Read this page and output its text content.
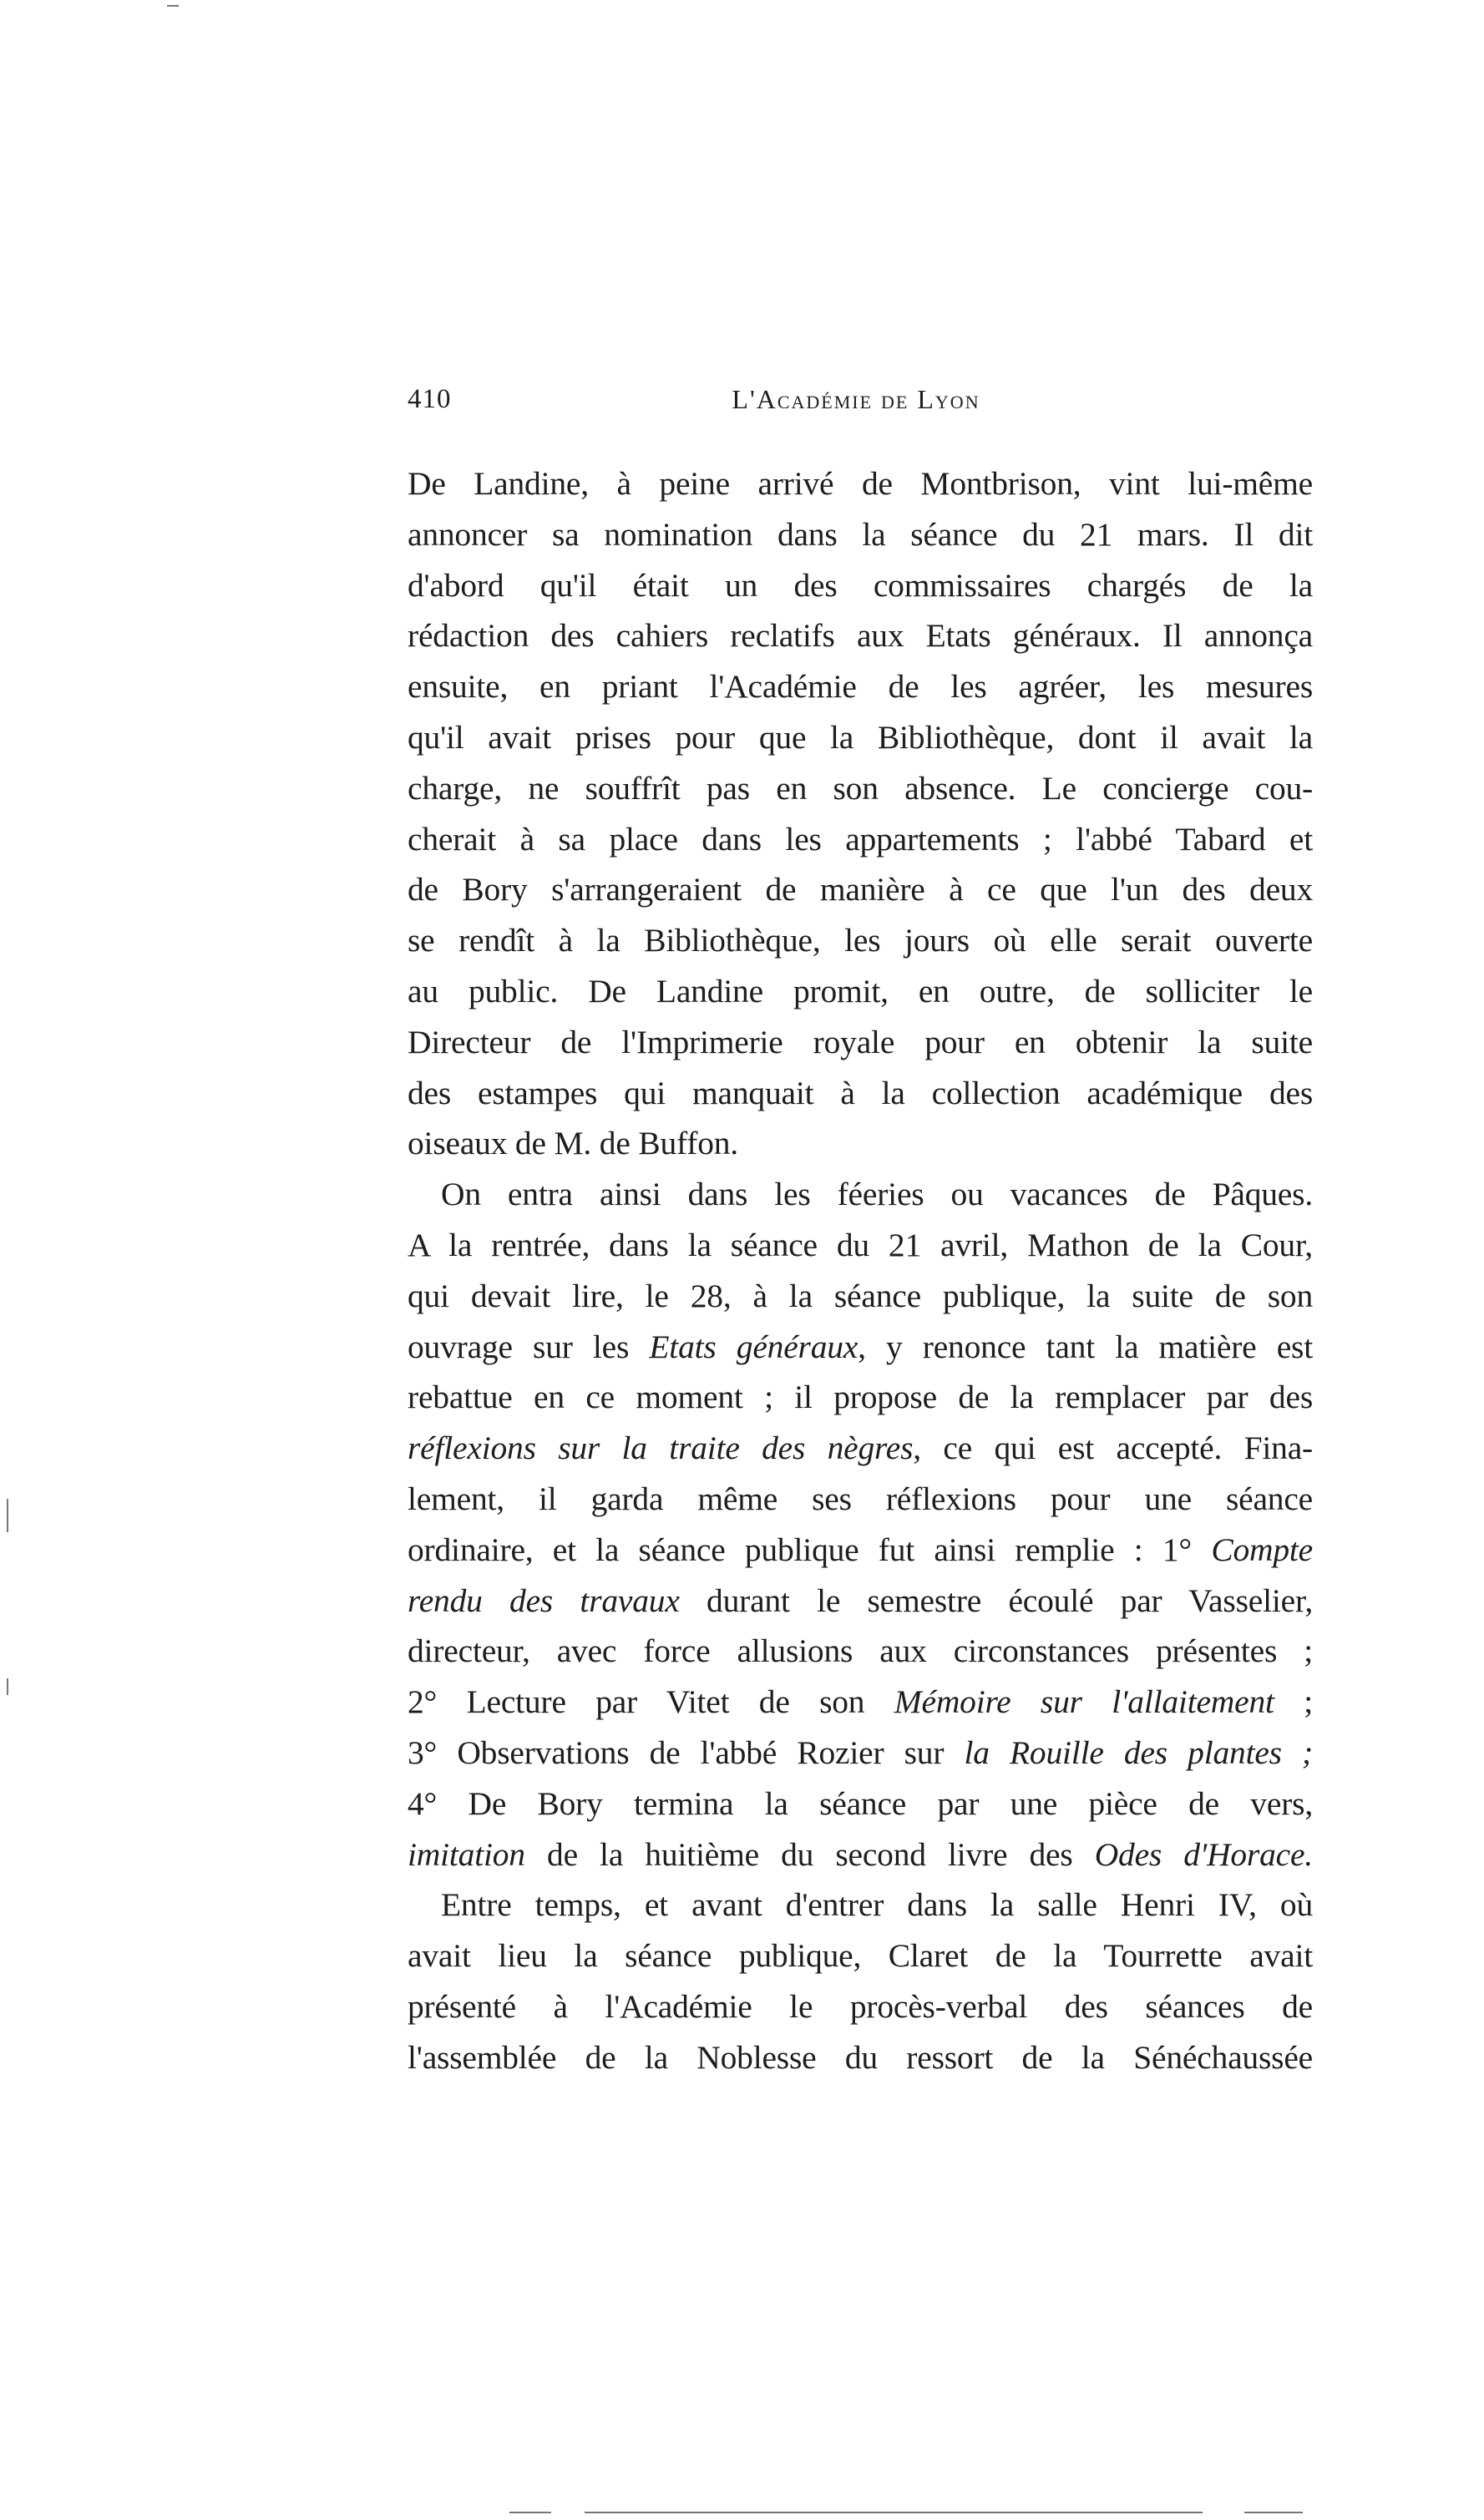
410	L'Académie de Lyon
De Landine, à peine arrivé de Montbrison, vint lui-même
annoncer sa nomination dans la séance du 21 mars. Il dit
d'abord qu'il était un des commissaires chargés de la
rédaction des cahiers reclatifs aux Etats généraux. Il annonça
ensuite, en priant l'Académie de les agréer, les mesures
qu'il avait prises pour que la Bibliothèque, dont il avait la
charge, ne souffrît pas en son absence. Le concierge cou-
cherait à sa place dans les appartements ; l'abbé Tabard et
de Bory s'arrangeraient de manière à ce que l'un des deux
se rendît à la Bibliothèque, les jours où elle serait ouverte
au public. De Landine promit, en outre, de solliciter le
Directeur de l'Imprimerie royale pour en obtenir la suite
des estampes qui manquait à la collection académique des
oiseaux de M. de Buffon.
On entra ainsi dans les féeries ou vacances de Pâques.
A la rentrée, dans la séance du 21 avril, Mathon de la Cour,
qui devait lire, le 28, à la séance publique, la suite de son
ouvrage sur les Etats généraux, y renonce tant la matière est
rebattue en ce moment ; il propose de la remplacer par des
réflexions sur la traite des nègres, ce qui est accepté. Fina-
lement, il garda même ses réflexions pour une séance
ordinaire, et la séance publique fut ainsi remplie : 1° Compte
rendu des travaux durant le semestre écoulé par Vasselier,
directeur, avec force allusions aux circonstances présentes ;
2° Lecture par Vitet de son Mémoire sur l'allaitement ;
3° Observations de l'abbé Rozier sur la Rouille des plantes ;
4° De Bory termina la séance par une pièce de vers,
imitation de la huitième du second livre des Odes d'Horace.
Entre temps, et avant d'entrer dans la salle Henri IV, où
avait lieu la séance publique, Claret de la Tourrette avait
présenté à l'Académie le procès-verbal des séances de
l'assemblée de la Noblesse du ressort de la Sénéchaussée
